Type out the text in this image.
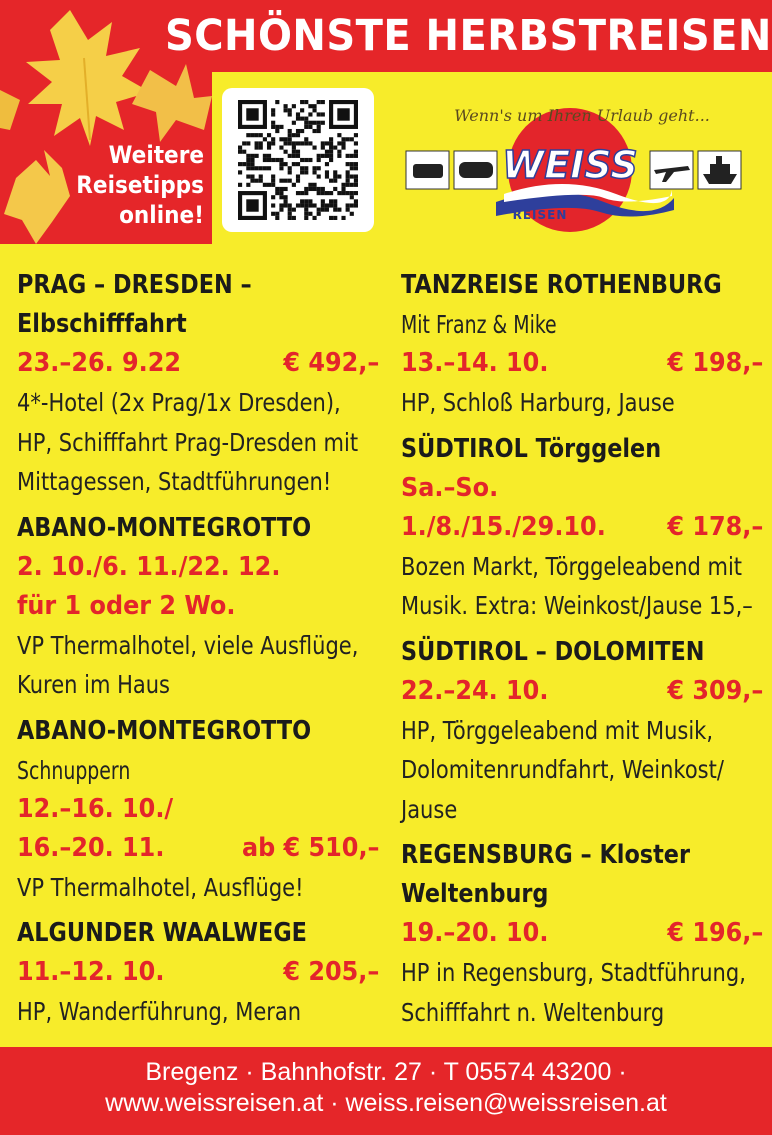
Weitere
Reisetipps
online!
SCHÖNSTE HERBSTREISEN
WEISS
REISEN
Wenn's um Ihren Urlaub geht...
PRAG – DRESDEN –
Elbschifffahrt
23.–26. 9.22	€ 492,–
4*-Hotel (2x Prag/1x Dresden),
HP, Schifffahrt Prag-Dresden mit
Mittagessen, Stadtführungen!
ABANO-MONTEGROTTO
2. 10./6. 11./22. 12.
für 1 oder 2 Wo.
VP Thermalhotel, viele Ausflüge,
Kuren im Haus
ABANO-MONTEGROTTO
Schnuppern
12.–16. 10./
16.–20. 11.	ab € 510,–
VP Thermalhotel, Ausflüge!
ALGUNDER WAALWEGE
11.–12. 10.	€ 205,–
HP, Wanderführung, Meran
TANZREISE ROTHENBURG
Mit Franz & Mike
13.–14. 10.	€ 198,–
HP, Schloß Harburg, Jause
SÜDTIROL Törggelen
Sa.–So.
1./8./15./29.10. € 178,–
Bozen Markt, Törggeleabend mit
Musik. Extra: Weinkost/Jause 15,–
SÜDTIROL – DOLOMITEN
22.–24. 10.	€ 309,–
HP, Törggeleabend mit Musik,
Dolomitenrundfahrt, Weinkost/
Jause
REGENSBURG – Kloster
Weltenburg
19.–20. 10.	€ 196,–
HP in Regensburg, Stadtführung,
Schifffahrt n. Weltenburg
Bregenz · Bahnhofstr. 27 · T 05574 43200 ·
www.weissreisen.at · weiss.reisen@weissreisen.at
